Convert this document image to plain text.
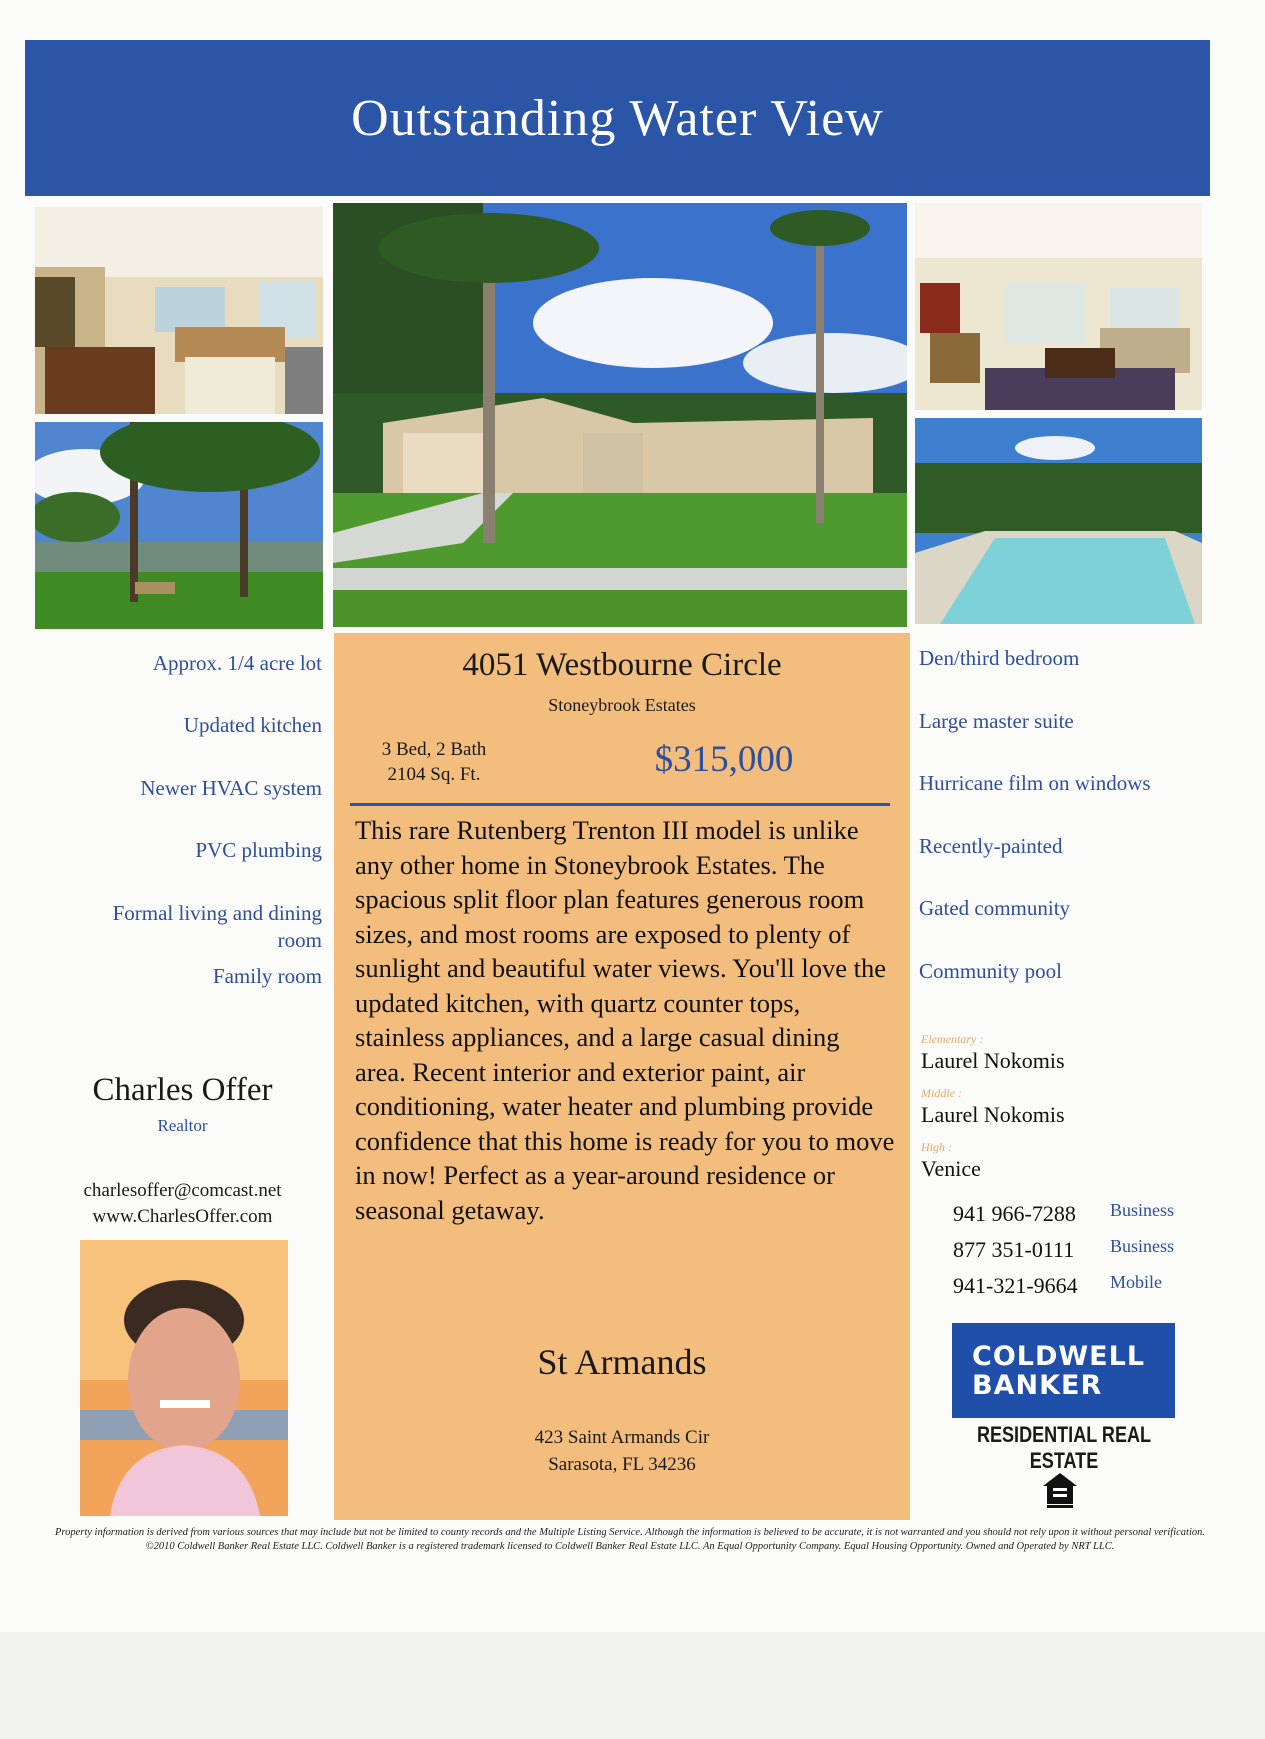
Outstanding Water View
Approx. 1/4 acre lot
Updated kitchen
Newer HVAC system
PVC plumbing
Formal living and dining room
Family room
Den/third bedroom
Large master suite
Hurricane film on windows
Recently-painted
Gated community
Community pool
4051 Westbourne Circle
Stoneybrook Estates
3 Bed, 2 Bath
2104 Sq. Ft.	$315,000
This rare Rutenberg Trenton III model is unlike any other home in Stoneybrook Estates. The spacious split floor plan features generous room sizes, and most rooms are exposed to plenty of sunlight and beautiful water views. You'll love the updated kitchen, with quartz counter tops, stainless appliances, and a large casual dining area. Recent interior and exterior paint, air conditioning, water heater and plumbing provide confidence that this home is ready for you to move in now! Perfect as a year-around residence or seasonal getaway.
St Armands
423 Saint Armands Cir
Sarasota, FL 34236
Charles Offer
Realtor
charlesoffer@comcast.net
www.CharlesOffer.com
Elementary :
Laurel Nokomis
Middle :
Laurel Nokomis
High :
Venice
941 966-7288 Business
877 351-0111 Business
941-321-9664 Mobile
COLDWELL
BANKER
RESIDENTIAL REAL ESTATE
Property information is derived from various sources that may include but not be limited to county records and the Multiple Listing Service. Although the information is believed to be accurate, it is not warranted and you should not rely upon it without personal verification. ©2010 Coldwell Banker Real Estate LLC. Coldwell Banker is a registered trademark licensed to Coldwell Banker Real Estate LLC. An Equal Opportunity Company. Equal Housing Opportunity. Owned and Operated by NRT LLC.
